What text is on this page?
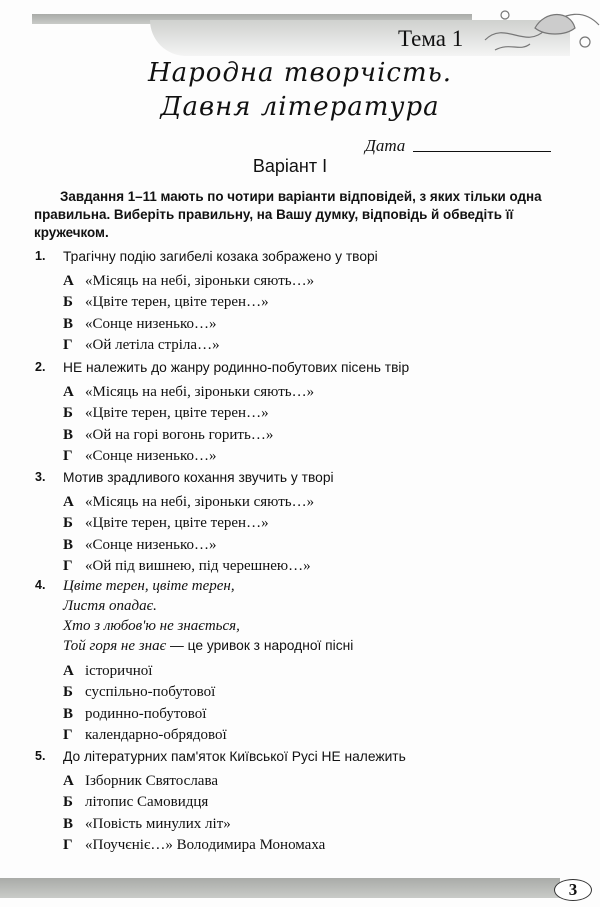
Тема 1
Народна творчість.
Давня література
Дата
Варіант I
Завдання 1–11 мають по чотири варіанти відповідей, з яких тільки одна правильна. Виберіть правильну, на Вашу думку, відповідь й обведіть її кружечком.
1. Трагічну подію загибелі козака зображено у творі
А «Місяць на небі, зіроньки сяють…»
Б «Цвіте терен, цвіте терен…»
В «Сонце низенько…»
Г «Ой летіла стріла…»
2. НЕ належить до жанру родинно-побутових пісень твір
А «Місяць на небі, зіроньки сяють…»
Б «Цвіте терен, цвіте терен…»
В «Ой на горі вогонь горить…»
Г «Сонце низенько…»
3. Мотив зрадливого кохання звучить у творі
А «Місяць на небі, зіроньки сяють…»
Б «Цвіте терен, цвіте терен…»
В «Сонце низенько…»
Г «Ой під вишнею, під черешнею…»
4. Цвіте терен, цвіте терен,
Листя опадає.
Хто з любов'ю не знається,
Той горя не знає — це уривок з народної пісні
А історичної
Б суспільно-побутової
В родинно-побутової
Г календарно-обрядової
5. До літературних пам'яток Київської Русі НЕ належить
А Ізборник Святослава
Б літопис Самовидця
В «Повість минулих літ»
Г «Поучєніє…» Володимира Мономаха
3
